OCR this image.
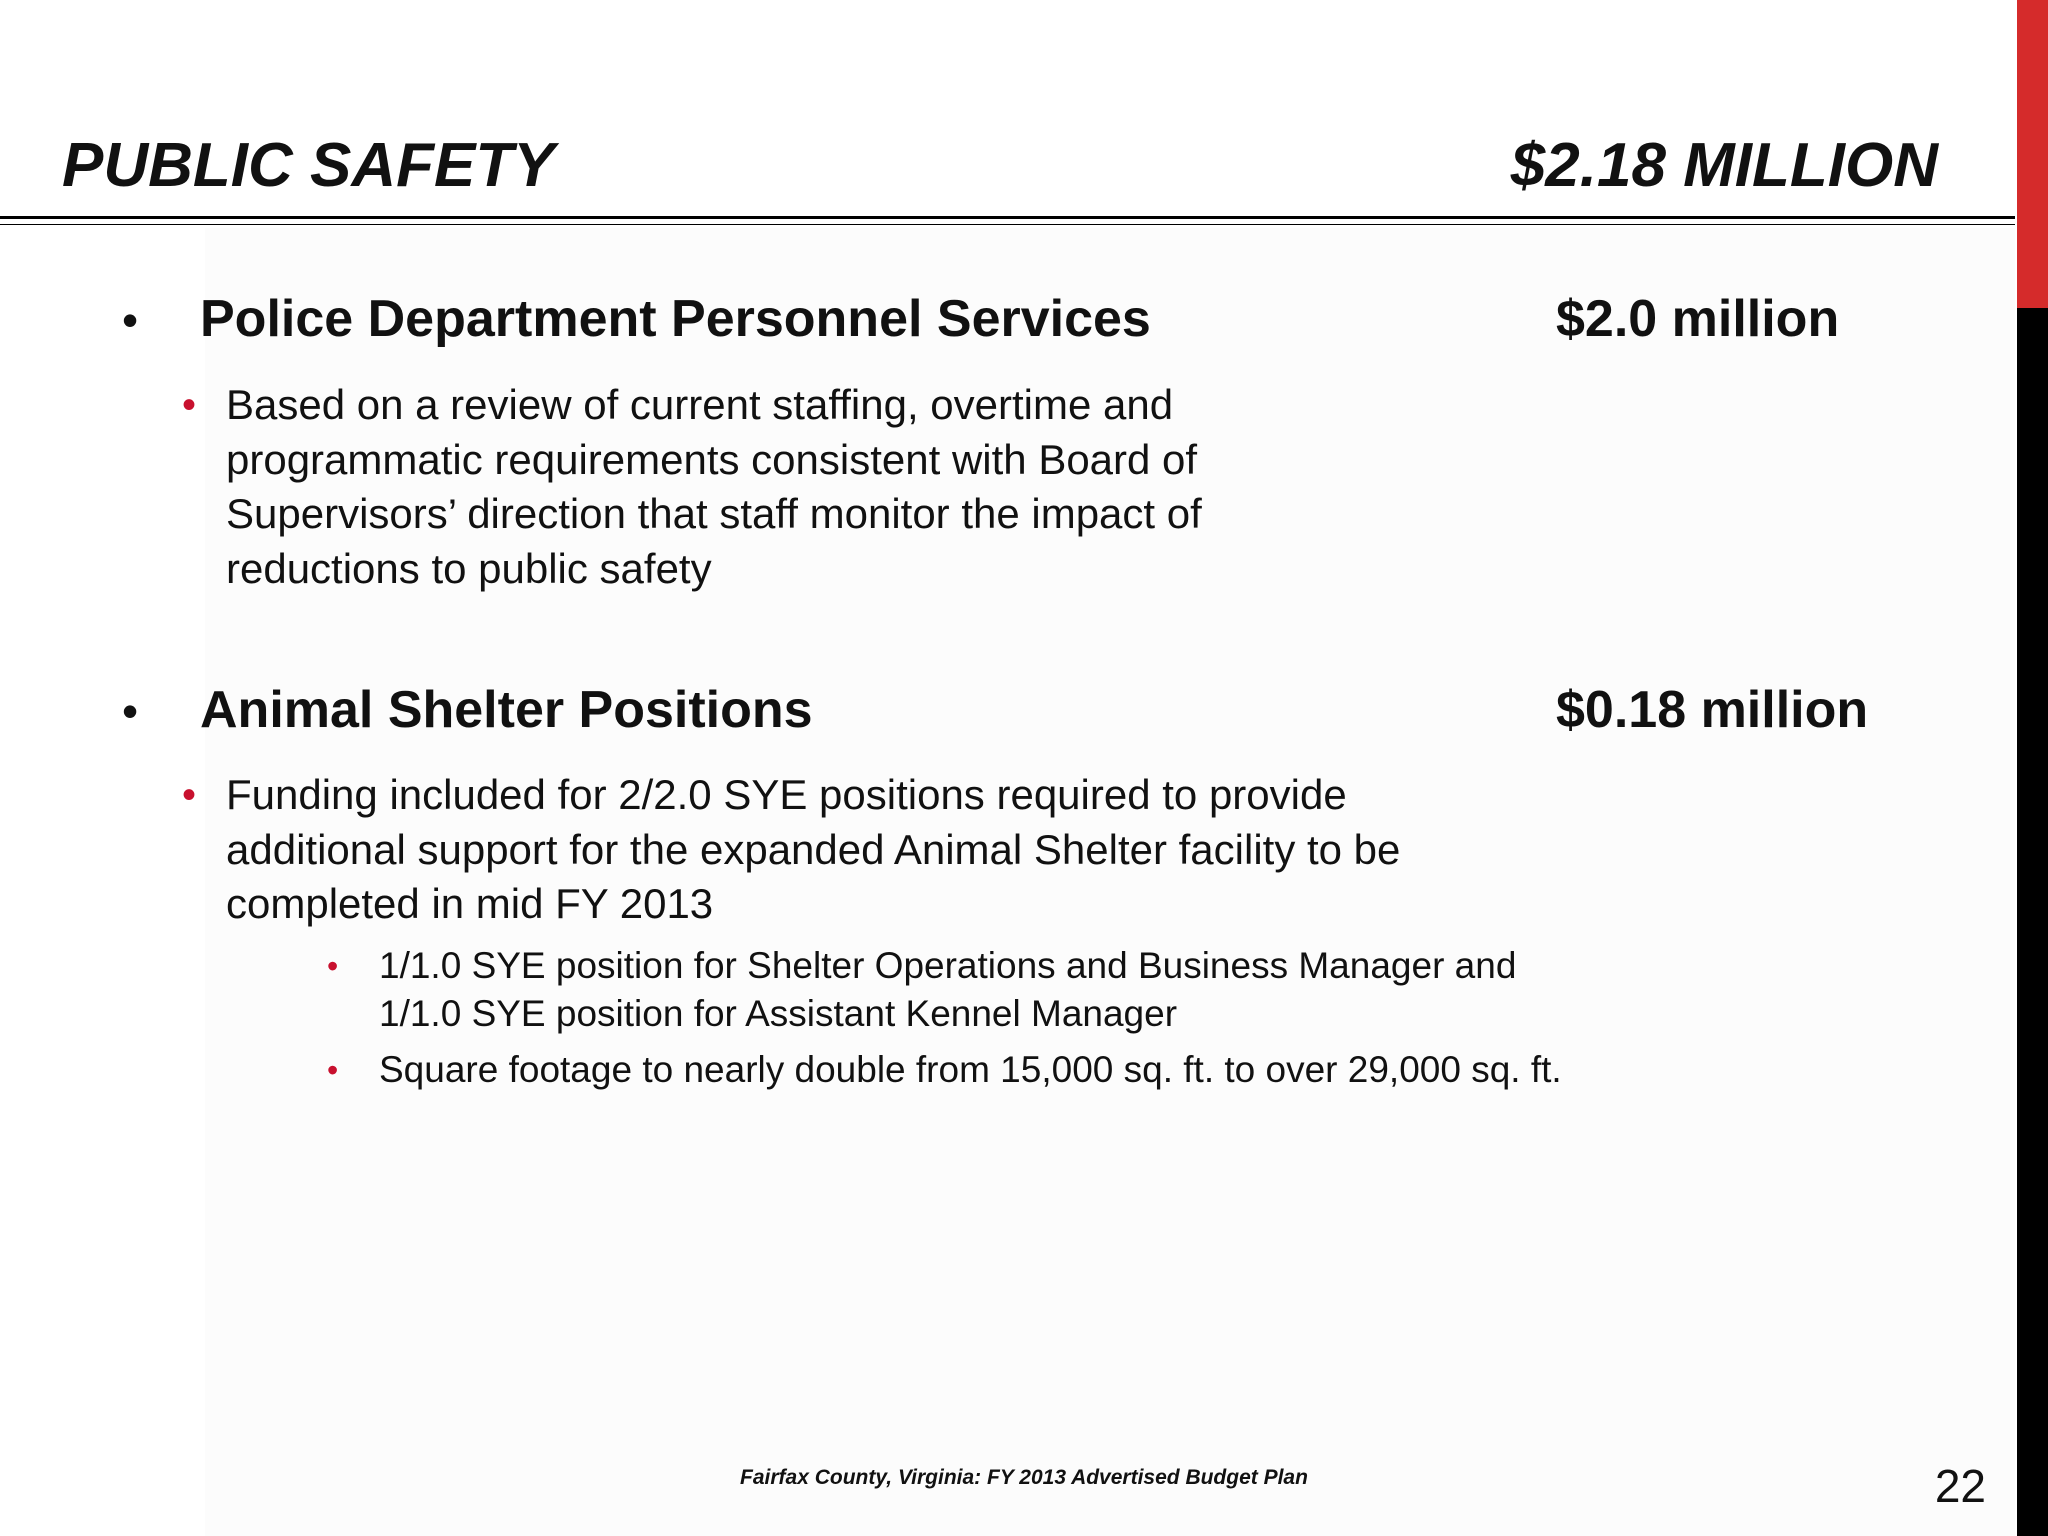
PUBLIC SAFETY	$2.18 MILLION
• Police Department Personnel Services	$2.0 million
• Based on a review of current staffing, overtime and programmatic requirements consistent with Board of Supervisors’ direction that staff monitor the impact of reductions to public safety
• Animal Shelter Positions	$0.18 million
• Funding included for 2/2.0 SYE positions required to provide additional support for the expanded Animal Shelter facility to be completed in mid FY 2013
• 1/1.0 SYE position for Shelter Operations and Business Manager and 1/1.0 SYE position for Assistant Kennel Manager
• Square footage to nearly double from 15,000 sq. ft. to over 29,000 sq. ft.
Fairfax County, Virginia: FY 2013 Advertised Budget Plan	22
